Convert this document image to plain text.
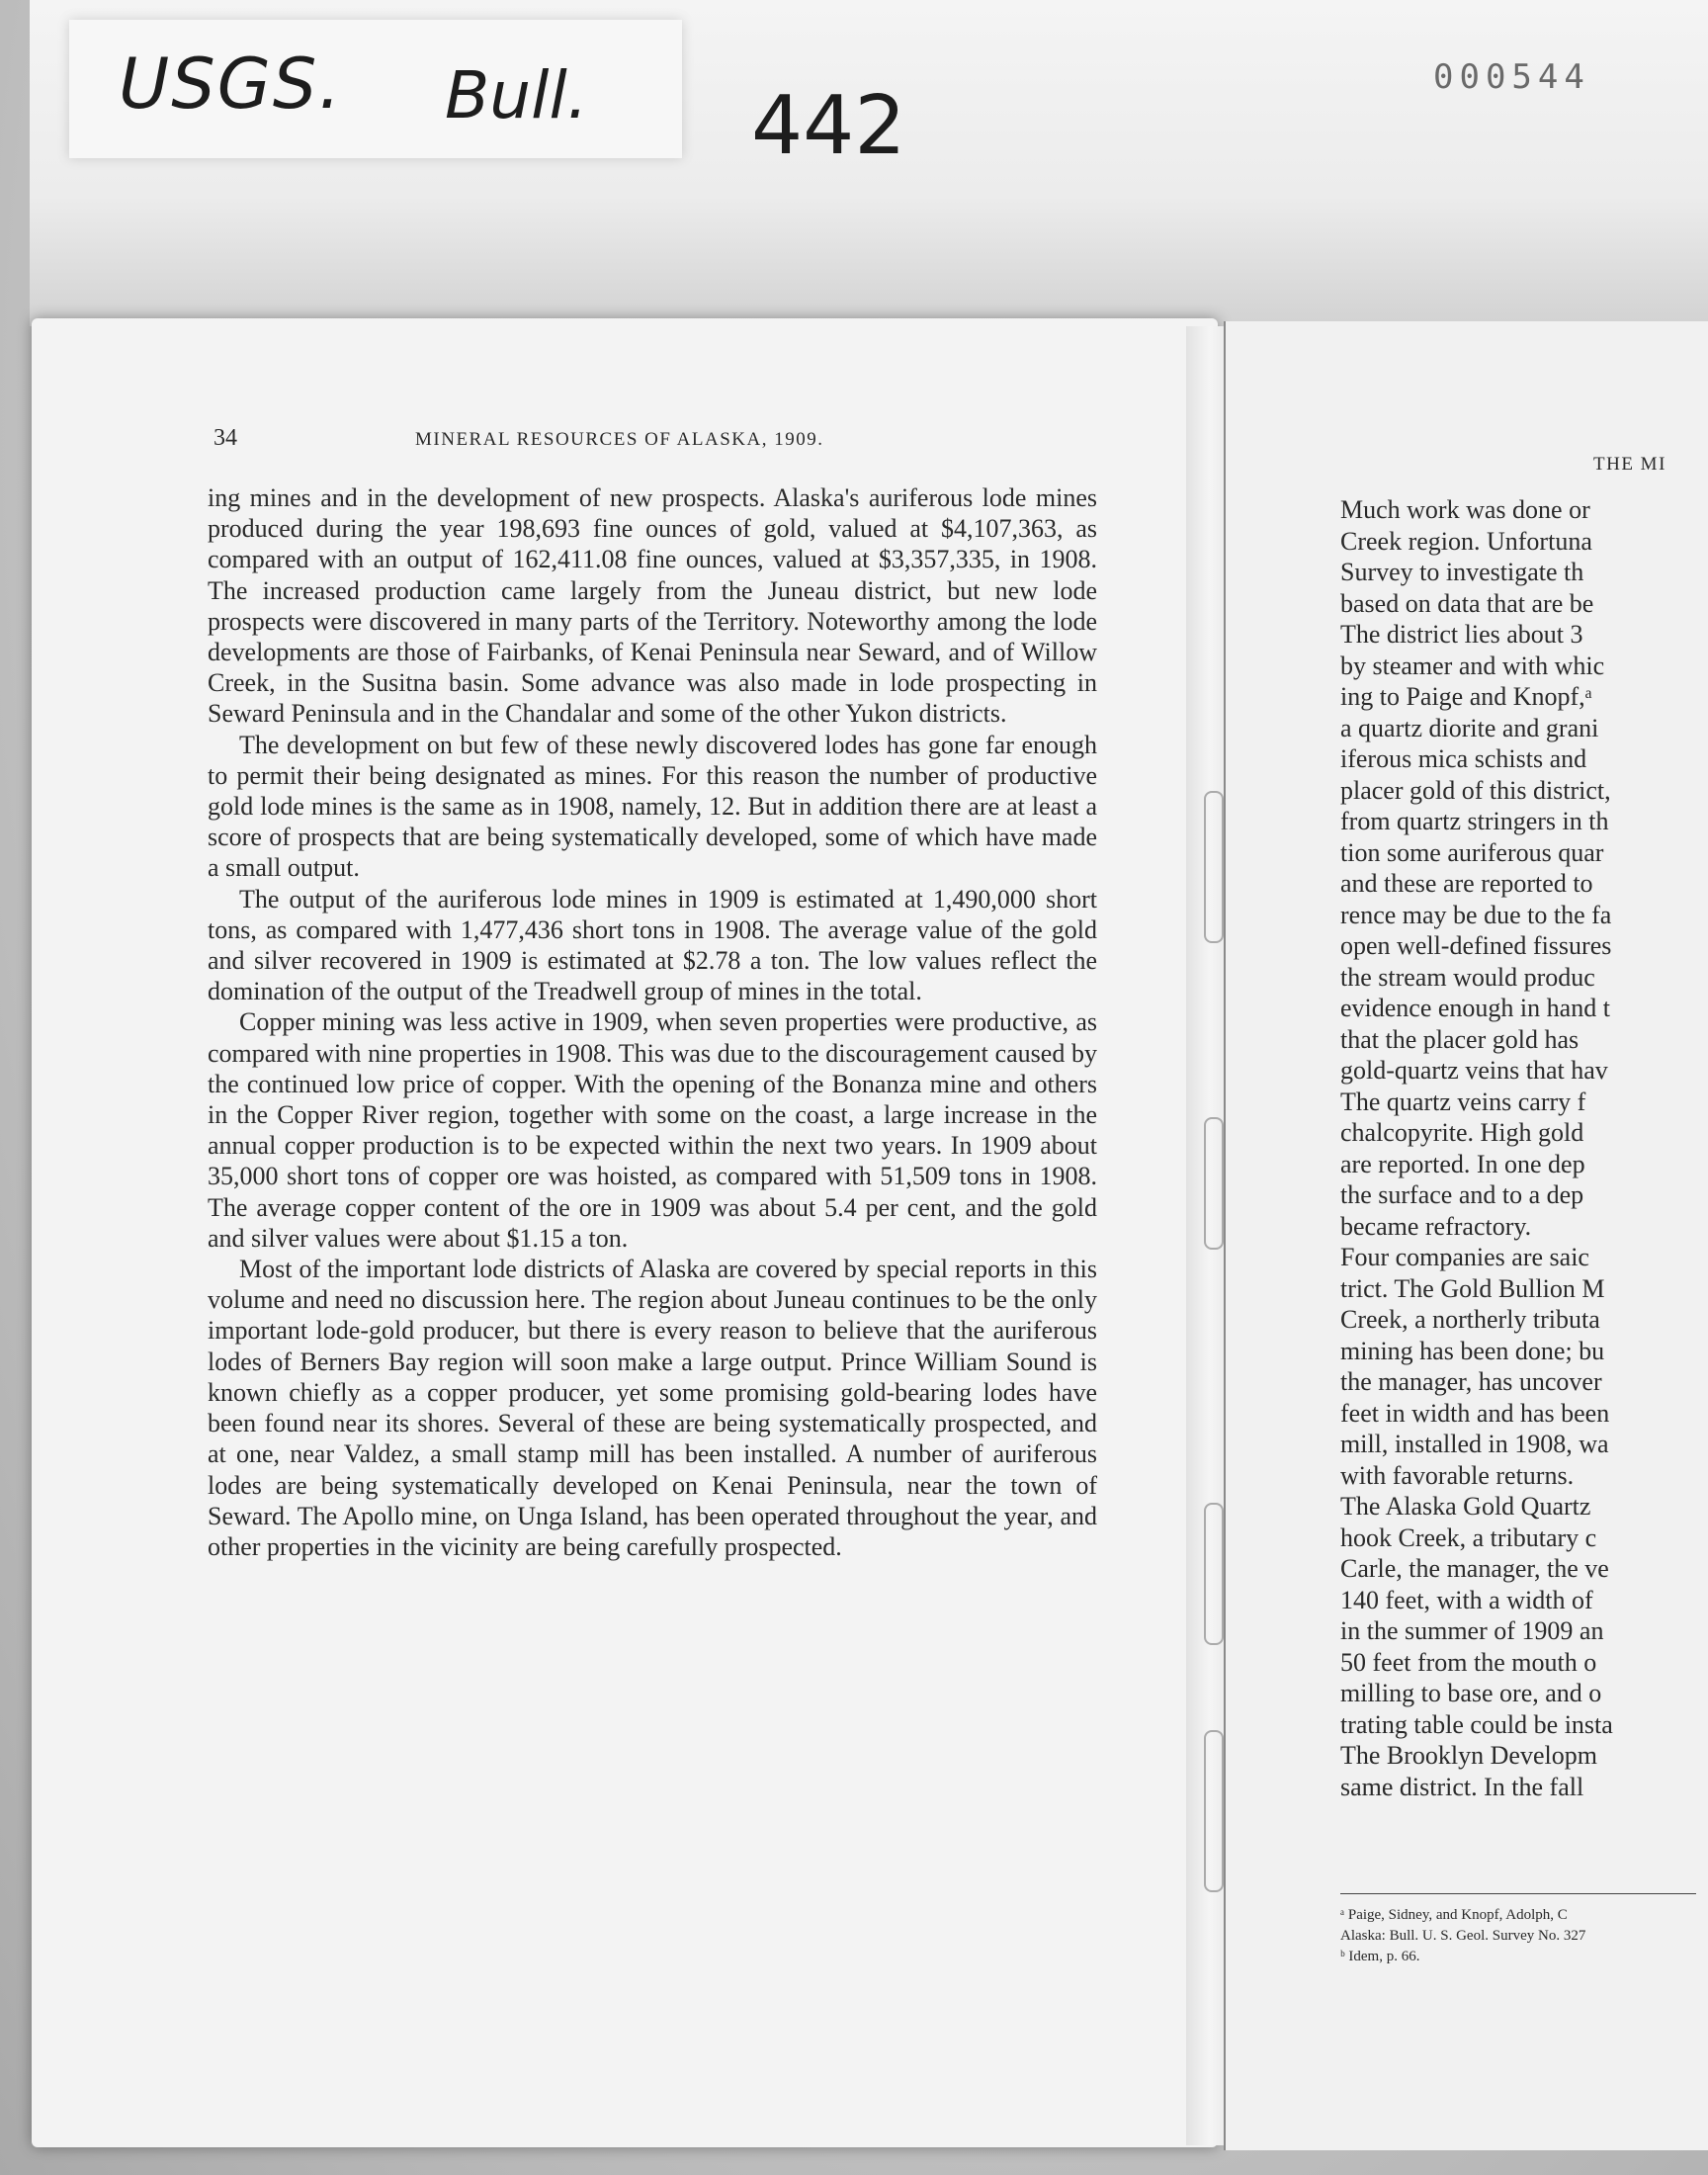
USGS. Bull. 442
000544
34	MINERAL RESOURCES OF ALASKA, 1909.

ing mines and in the development of new prospects. Alaska's auriferous lode mines produced during the year 198,693 fine ounces of gold, valued at $4,107,363, as compared with an output of 162,411.08 fine ounces, valued at $3,357,335, in 1908. The increased production came largely from the Juneau district, but new lode prospects were discovered in many parts of the Territory. Noteworthy among the lode developments are those of Fairbanks, of Kenai Peninsula near Seward, and of Willow Creek, in the Susitna basin. Some advance was also made in lode prospecting in Seward Peninsula and in the Chandalar and some of the other Yukon districts.

The development on but few of these newly discovered lodes has gone far enough to permit their being designated as mines. For this reason the number of productive gold lode mines is the same as in 1908, namely, 12. But in addition there are at least a score of prospects that are being systematically developed, some of which have made a small output.

The output of the auriferous lode mines in 1909 is estimated at 1,490,000 short tons, as compared with 1,477,436 short tons in 1908. The average value of the gold and silver recovered in 1909 is estimated at $2.78 a ton. The low values reflect the domination of the output of the Treadwell group of mines in the total.

Copper mining was less active in 1909, when seven properties were productive, as compared with nine properties in 1908. This was due to the discouragement caused by the continued low price of copper. With the opening of the Bonanza mine and others in the Copper River region, together with some on the coast, a large increase in the annual copper production is to be expected within the next two years. In 1909 about 35,000 short tons of copper ore was hoisted, as compared with 51,509 tons in 1908. The average copper content of the ore in 1909 was about 5.4 per cent, and the gold and silver values were about $1.15 a ton.

Most of the important lode districts of Alaska are covered by special reports in this volume and need no discussion here. The region about Juneau continues to be the only important lode-gold producer, but there is every reason to believe that the auriferous lodes of Berners Bay region will soon make a large output. Prince William Sound is known chiefly as a copper producer, yet some promising gold-bearing lodes have been found near its shores. Several of these are being systematically prospected, and at one, near Valdez, a small stamp mill has been installed. A number of auriferous lodes are being systematically developed on Kenai Peninsula, near the town of Seward. The Apollo mine, on Unga Island, has been operated throughout the year, and other properties in the vicinity are being carefully prospected.

THE MI
Much work was done or
Creek region. Unfortuna
Survey to investigate th
based on data that are be
The district lies about 3
by steamer and with whic
ing to Paige and Knopf,ᵃ
a quartz diorite and grani
iferous mica schists and
placer gold of this district,
from quartz stringers in th
tion some auriferous quar
and these are reported to
rence may be due to the fa
open well-defined fissures
the stream would produc
evidence enough in hand t
that the placer gold has
gold-quartz veins that hav
The quartz veins carry f
chalcopyrite. High gold
are reported. In one dep
the surface and to a dep
became refractory.
Four companies are saic
trict. The Gold Bullion M
Creek, a northerly tributa
mining has been done; bu
the manager, has uncover
feet in width and has been
mill, installed in 1908, wa
with favorable returns.
The Alaska Gold Quartz
hook Creek, a tributary c
Carle, the manager, the ve
140 feet, with a width of
in the summer of 1909 an
50 feet from the mouth o
milling to base ore, and o
trating table could be insta
The Brooklyn Developm
same district. In the fall
ᵃ Paige, Sidney, and Knopf, Adolph, C
Alaska: Bull. U. S. Geol. Survey No. 327
ᵇ Idem, p. 66.
